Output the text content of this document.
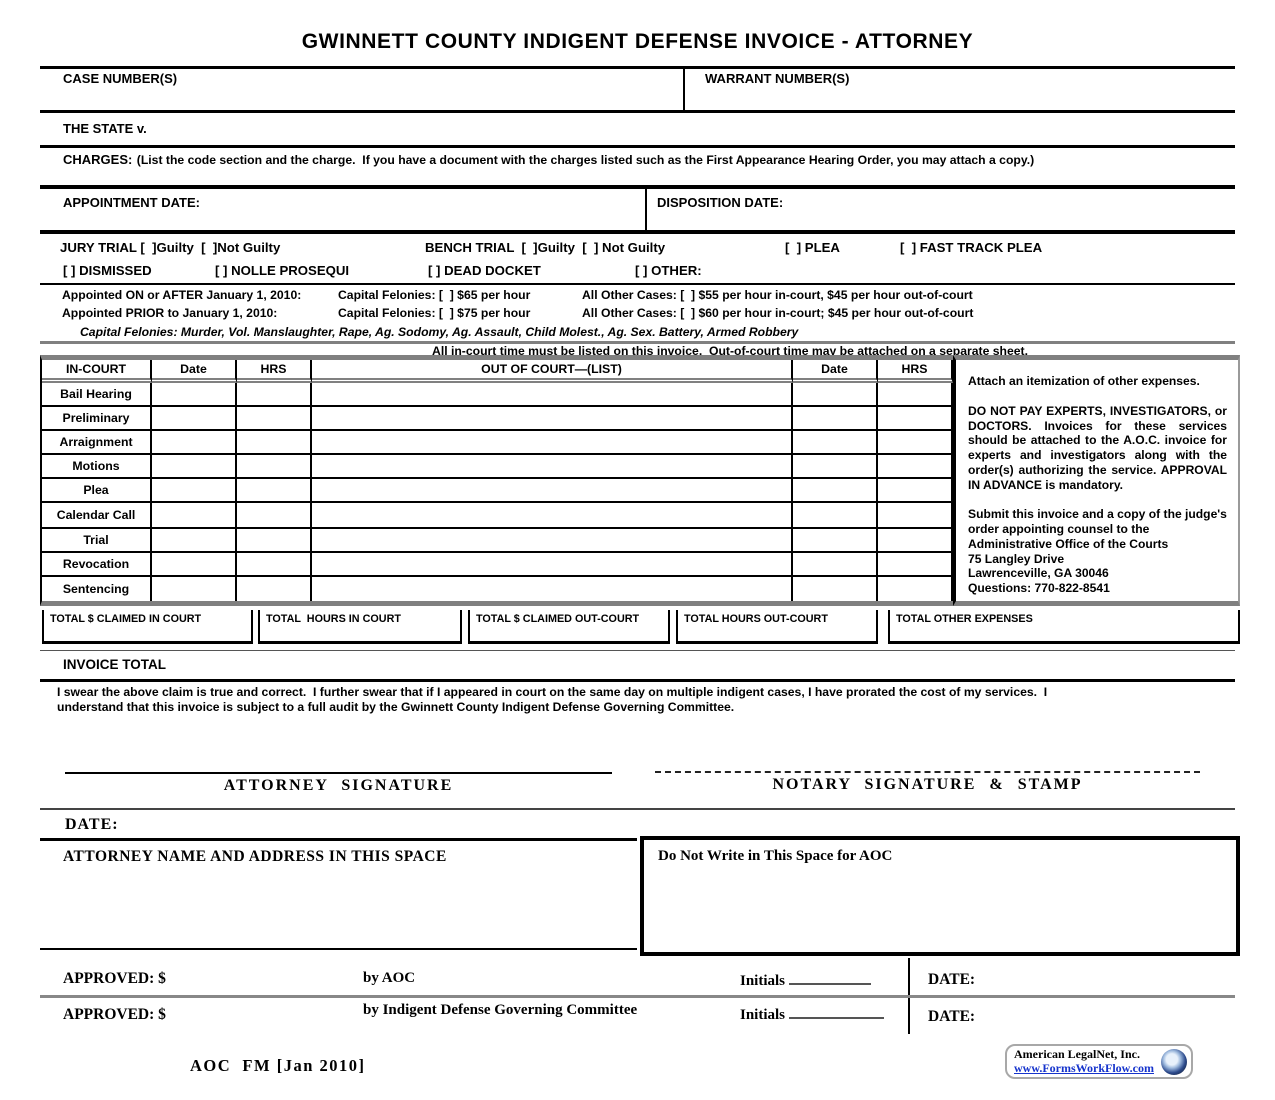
GWINNETT COUNTY INDIGENT DEFENSE INVOICE - ATTORNEY
CASE NUMBER(S)	WARRANT NUMBER(S)
THE STATE v.
CHARGES: (List the code section and the charge.  If you have a document with the charges listed such as the First Appearance Hearing Order, you may attach a copy.)
APPOINTMENT DATE:	DISPOSITION DATE:
JURY TRIAL [  ]Guilty  [  ]Not Guilty	BENCH TRIAL  [  ]Guilty  [  ] Not Guilty	[  ] PLEA	[  ] FAST TRACK PLEA
[ ] DISMISSED	[ ] NOLLE PROSEQUI	[ ] DEAD DOCKET	[ ] OTHER:
Appointed ON or AFTER January 1, 2010:	Capital Felonies: [  ] $65 per hour	All Other Cases: [  ] $55 per hour in-court, $45 per hour out-of-court
Appointed PRIOR to January 1, 2010:	Capital Felonies: [  ] $75 per hour	All Other Cases: [  ] $60 per hour in-court; $45 per hour out-of-court
Capital Felonies: Murder, Vol. Manslaughter, Rape, Ag. Sodomy, Ag. Assault, Child Molest., Ag. Sex. Battery, Armed Robbery
All in-court time must be listed on this invoice.  Out-of-court time may be attached on a separate sheet.
IN-COURT	Date	HRS	OUT OF COURT—(LIST)	Date	HRS
Bail Hearing
Preliminary
Arraignment
Motions
Plea
Calendar Call
Trial
Revocation
Sentencing

Attach an itemization of other expenses.

DO NOT PAY EXPERTS, INVESTIGATORS, or DOCTORS. Invoices for these services should be attached to the A.O.C. invoice for experts and investigators along with the order(s) authorizing the service. APPROVAL IN ADVANCE is mandatory.

Submit this invoice and a copy of the judge's order appointing counsel to the Administrative Office of the Courts

75 Langley Drive

Lawrenceville, GA 30046

Questions: 770-822-8541

TOTAL $ CLAIMED IN COURT	TOTAL  HOURS IN COURT	TOTAL $ CLAIMED OUT-COURT	TOTAL HOURS OUT-COURT	TOTAL OTHER EXPENSES
INVOICE TOTAL
I swear the above claim is true and correct.  I further swear that if I appeared in court on the same day on multiple indigent cases, I have prorated the cost of my services.  I understand that this invoice is subject to a full audit by the Gwinnett County Indigent Defense Governing Committee.
ATTORNEY SIGNATURE	NOTARY SIGNATURE & STAMP
DATE:
ATTORNEY NAME AND ADDRESS IN THIS SPACE	Do Not Write in This Space for AOC
APPROVED: $	by AOC	Initials	DATE:
APPROVED: $	by Indigent Defense Governing Committee	Initials	DATE:
AOC  FM [Jan 2010]
American LegalNet, Inc.
www.FormsWorkFlow.com
